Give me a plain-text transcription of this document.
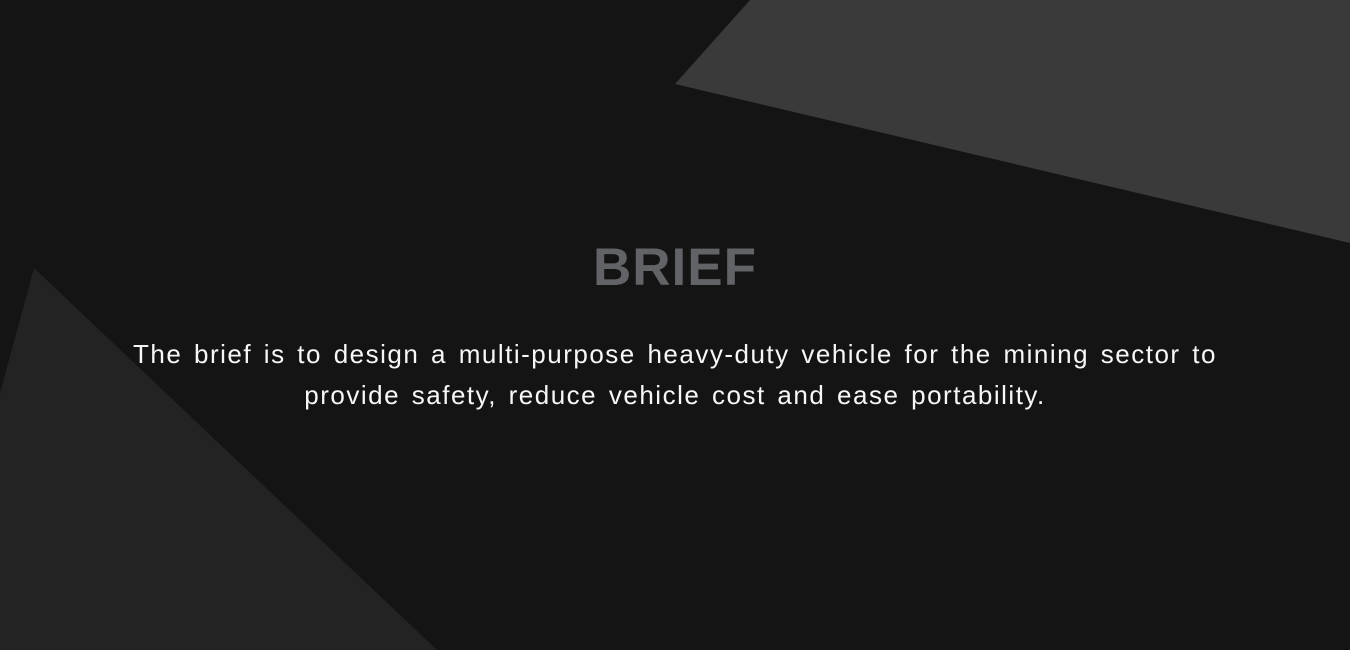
BRIEF

The brief is to design a multi-purpose heavy-duty vehicle for the mining sector to
provide safety, reduce vehicle cost and ease portability.
